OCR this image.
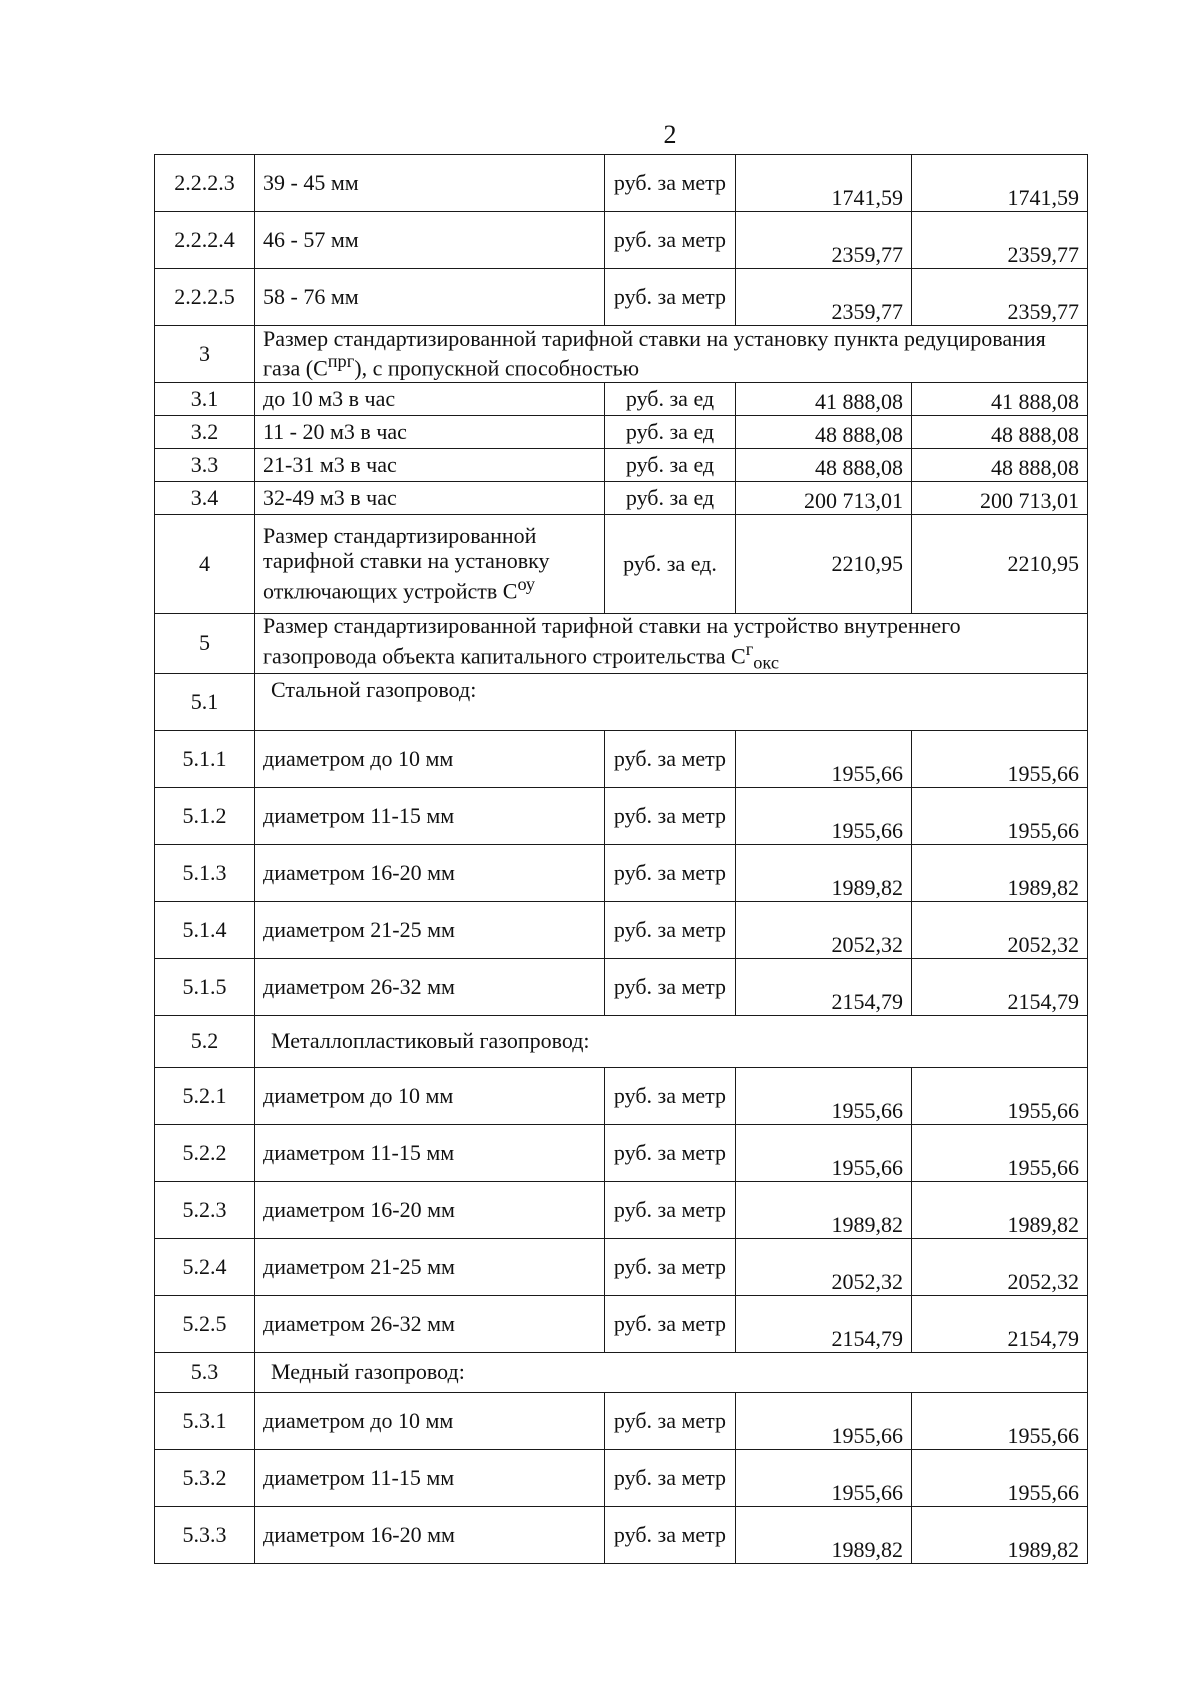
2
2.2.2.3	39 - 45 мм	руб. за метр	1741,59	1741,59
2.2.2.4	46 - 57 мм	руб. за метр	2359,77	2359,77
2.2.2.5	58 - 76 мм	руб. за метр	2359,77	2359,77
3	Размер стандартизированной тарифной ставки на установку пункта редуцирования газа $(С^{прг})$, с пропускной способностью			
3.1	до 10 м3 в час	руб. за ед	41 888,08	41 888,08
3.2	11 - 20 м3 в час	руб. за ед	48 888,08	48 888,08
3.3	21-31 м3 в час	руб. за ед	48 888,08	48 888,08
3.4	32-49 м3 в час	руб. за ед	200 713,01	200 713,01
4	Размер стандартизированной тарифной ставки на установку отключающих устройств $С^{оу}$	руб. за ед.	2210,95	2210,95
5	Размер стандартизированной тарифной ставки на устройство внутреннего газопровода объекта капитального строительства $С^г_{окс}$
5.1	Стальной газопровод:			
5.1.1	диаметром до 10 мм	руб. за метр	1955,66	1955,66
5.1.2	диаметром 11-15 мм	руб. за метр	1955,66	1955,66
5.1.3	диаметром 16-20 мм	руб. за метр	1989,82	1989,82
5.1.4	диаметром 21-25 мм	руб. за метр	2052,32	2052,32
5.1.5	диаметром 26-32 мм	руб. за метр	2154,79	2154,79
5.2	Металлопластиковый газопровод:			
5.2.1	диаметром до 10 мм	руб. за метр	1955,66	1955,66
5.2.2	диаметром 11-15 мм	руб. за метр	1955,66	1955,66
5.2.3	диаметром 16-20 мм	руб. за метр	1989,82	1989,82
5.2.4	диаметром 21-25 мм	руб. за метр	2052,32	2052,32
5.2.5	диаметром 26-32 мм	руб. за метр	2154,79	2154,79
5.3	Медный газопровод:			
5.3.1	диаметром до 10 мм	руб. за метр	1955,66	1955,66
5.3.2	диаметром 11-15 мм	руб. за метр	1955,66	1955,66
5.3.3	диаметром 16-20 мм	руб. за метр	1989,82	1989,82
